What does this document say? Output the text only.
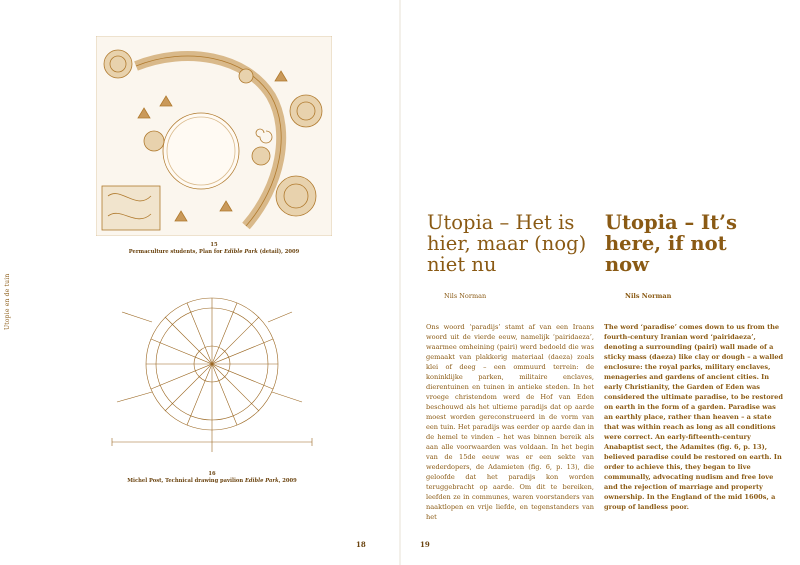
Utopie en de tuin
15
Permaculture students, Plan for Edible Park (detail), 2009
16
Michel Post, Technical drawing pavilion Edible Park, 2009
Utopia – Het is hier, maar (nog) niet nu
Utopia – It’s here, if not now
Nils Norman	Nils Norman
Ons woord ‘paradijs’ stamt af van een Iraans woord uit de vierde eeuw, namelijk ‘pairidaeza’, waarmee omheining (pairi) werd bedoeld die was gemaakt van plakkerig materiaal (daeza) zoals klei of deeg – een ommuurd terrein: de koninklijke parken, militaire enclaves, dierentuinen en tuinen in antieke steden. In het vroege christendom werd de Hof van Eden beschouwd als het ultieme paradijs dat op aarde moest worden gereconstrueerd in de vorm van een tuin. Het paradijs was eerder op aarde dan in de hemel te vinden – het was binnen bereik als aan alle voorwaarden was voldaan. In het begin van de 15de eeuw was er een sekte van wederdopers, de Adamieten (fig. 6, p. 13), die geloofde dat het paradijs kon worden teruggebracht op aarde. Om dit te bereiken, leefden ze in communes, waren voorstanders van naaktlopen en vrije liefde, en tegenstanders van het
The word ‘paradise’ comes down to us from the fourth-century Iranian word ‘pairidaeza’, denoting a surrounding (pairi) wall made of a sticky mass (daeza) like clay or dough – a walled enclosure: the royal parks, military enclaves, menageries and gardens of ancient cities. In early Christianity, the Garden of Eden was considered the ultimate paradise, to be restored on earth in the form of a garden. Paradise was an earthly place, rather than heaven – a state that was within reach as long as all conditions were correct. An early-fifteenth-century Anabaptist sect, the Adamites (fig. 6, p. 13), believed paradise could be restored on earth. In order to achieve this, they began to live communally, advocating nudism and free love and the rejection of marriage and property ownership. In the England of the mid 1600s, a group of landless poor.
18	19
